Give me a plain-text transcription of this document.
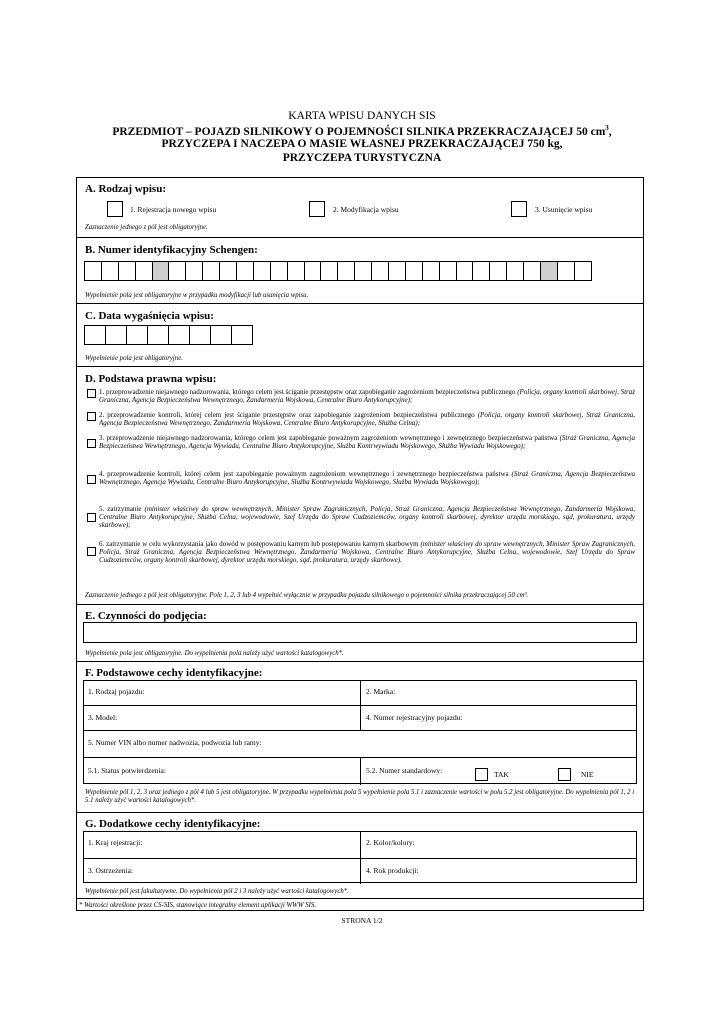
KARTA WPISU DANYCH SIS
PRZEDMIOT – POJAZD SILNIKOWY O POJEMNOŚCI SILNIKA PRZEKRACZAJĄCEJ 50 $cm^3$,
PRZYCZEPA I NACZEPA O MASIE WŁASNEJ PRZEKRACZAJĄCEJ 750 kg,
PRZYCZEPA TURYSTYCZNA
A. Rodzaj wpisu:
1. Rejestracja nowego wpisu	2. Modyfikacja wpisu	3. Usunięcie wpisu
Zaznaczenie jednego z pól jest obligatoryjne.
B. Numer identyfikacyjny Schengen:
Wypełnienie pola jest obligatoryjne w przypadku modyfikacji lub usunięcia wpisu.
C. Data wygaśnięcia wpisu:
Wypełnienie pola jest obligatoryjne.
D. Podstawa prawna wpisu:
1. przeprowadzenie niejawnego nadzorowania, którego celem jest ściganie przestępstw oraz zapobieganie zagrożeniom bezpieczeństwa publicznego (Policja, organy kontroli skarbowej, Straż Graniczna, Agencja Bezpieczeństwa Wewnętrznego, Żandarmeria Wojskowa, Centralne Biuro Antykorupcyjne);
2. przeprowadzenie kontroli, której celem jest ściganie przestępstw oraz zapobieganie zagrożeniom bezpieczeństwa publicznego (Policja, organy kontroli skarbowej, Straż Graniczna, Agencja Bezpieczeństwa Wewnętrznego, Żandarmeria Wojskowa, Centralne Biuro Antykorupcyjne, Służba Celna);
3. przeprowadzenie niejawnego nadzorowania, którego celem jest zapobieganie poważnym zagrożeniom wewnętrznego i zewnętrznego bezpieczeństwa państwa (Straż Graniczna, Agencja Bezpieczeństwa Wewnętrznego, Agencja Wywiadu, Centralne Biuro Antykorupcyjne, Służba Kontrwywiadu Wojskowego, Służba Wywiadu Wojskowego);
4. przeprowadzenie kontroli, której celem jest zapobieganie poważnym zagrożeniom wewnętrznego i zewnętrznego bezpieczeństwa państwa (Straż Graniczna, Agencja Bezpieczeństwa Wewnętrznego, Agencja Wywiadu, Centralne Biuro Antykorupcyjne, Służba Kontrwywiadu Wojskowego, Służba Wywiadu Wojskowego);
5. zatrzymanie (minister właściwy do spraw wewnętrznych, Minister Spraw Zagranicznych, Policja, Straż Graniczna, Agencja Bezpieczeństwa Wewnętrznego, Żandarmeria Wojskowa, Centralne Biuro Antykorupcyjne, Służba Celna, wojewodowie, Szef Urzędu do Spraw Cudzoziemców, organy kontroli skarbowej, dyrektor urzędu morskiego, sąd, prokuratura, urzędy skarbowe);
6. zatrzymanie w celu wykorzystania jako dowód w postępowaniu karnym lub postępowaniu karnym skarbowym (minister właściwy do spraw wewnętrznych, Minister Spraw Zagranicznych, Policja, Straż Graniczna, Agencja Bezpieczeństwa Wewnętrznego, Żandarmeria Wojskowa, Centralne Biuro Antykorupcyjne, Służba Celna, wojewodowie, Szef Urzędu do Spraw Cudzoziemców, organy kontroli skarbowej, dyrektor urzędu morskiego, sąd, prokuratura, urzędy skarbowe).
Zaznaczenie jednego z pól jest obligatoryjne. Pole 1, 2, 3 lub 4 wypełnić wyłącznie w przypadku pojazdu silnikowego o pojemności silnika przekraczającej 50 cm³.
E. Czynności do podjęcia:
Wypełnienie pola jest obligatoryjne. Do wypełnienia pola należy użyć wartości katalogowych*.
F. Podstawowe cechy identyfikacyjne:
1. Rodzaj pojazdu:	2. Marka:
3. Model:	4. Numer rejestracyjny pojazdu:
5. Numer VIN albo numer nadwozia, podwozia lub ramy:
5.1. Status potwierdzenia:	5.2. Numer standardowy:	TAK	NIE
Wypełnienie pól 1, 2, 3 oraz jednego z pól 4 lub 5 jest obligatoryjne. W przypadku wypełnienia pola 5 wypełnienie pola 5.1 i zaznaczenie wartości w polu 5.2 jest obligatoryjne. Do wypełnienia pól 1, 2 i 5.1 należy użyć wartości katalogowych*.
G. Dodatkowe cechy identyfikacyjne:
1. Kraj rejestracji:	2. Kolor/kolory:
3. Ostrzeżenia:	4. Rok produkcji:
Wypełnienie pól jest fakultatywne. Do wypełnienia pól 2 i 3 należy użyć wartości katalogowych*.
* Wartości określone przez CS-SIS, stanowiące integralny element aplikacji WWW SIS.
STRONA 1/2
